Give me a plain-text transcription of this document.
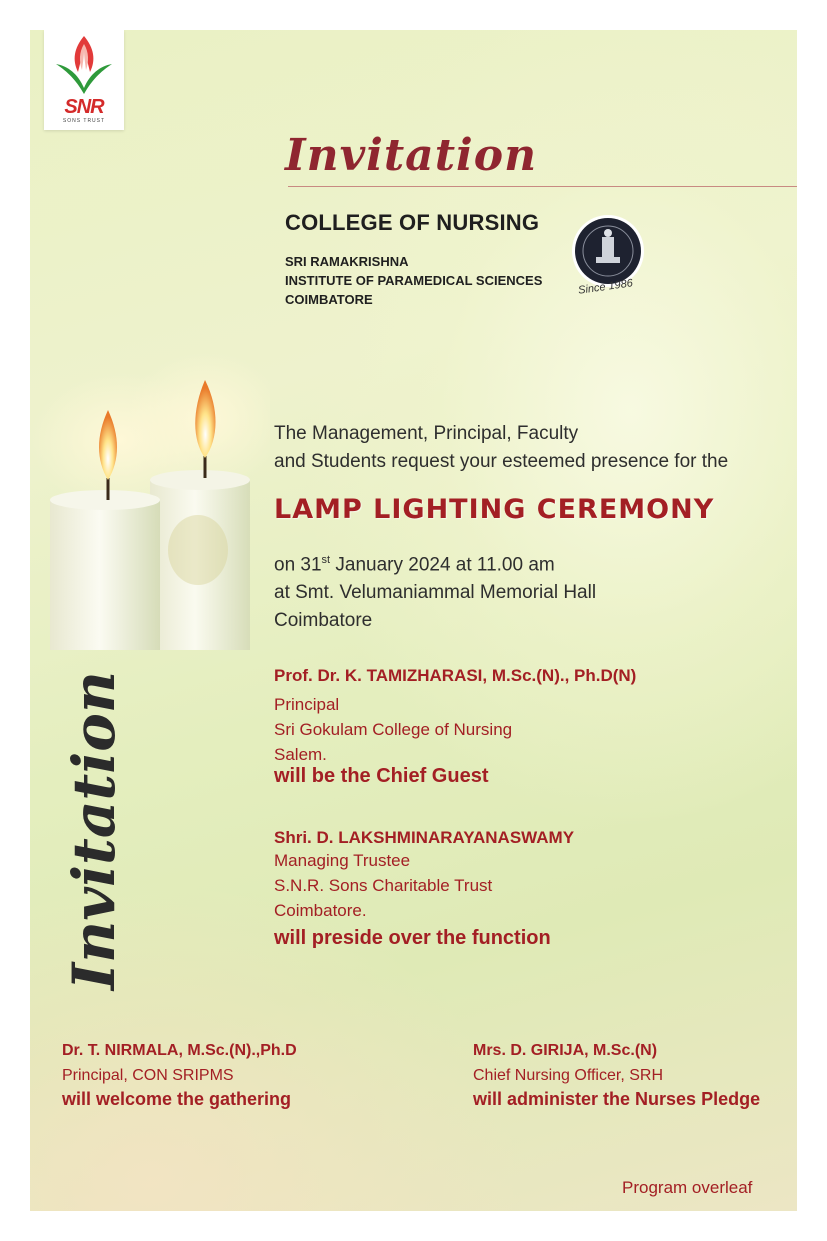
SNR
SONS TRUST
Invitation
COLLEGE OF NURSING
SRI RAMAKRISHNA
INSTITUTE OF PARAMEDICAL SCIENCES
COIMBATORE
Since 1986
The Management, Principal, Faculty
and Students request your esteemed presence for the
LAMP LIGHTING CEREMONY
on 31st January 2024 at 11.00 am
at Smt. Velumaniammal Memorial Hall
Coimbatore
Prof. Dr. K. TAMIZHARASI, M.Sc.(N)., Ph.D(N)
Principal
Sri Gokulam College of Nursing
Salem.
will be the Chief Guest
Shri. D. LAKSHMINARAYANASWAMY
Managing Trustee
S.N.R. Sons Charitable Trust
Coimbatore.
will preside over the function
Invitation
Dr. T. NIRMALA, M.Sc.(N).,Ph.D
Principal, CON SRIPMS
will welcome the gathering
Mrs. D. GIRIJA, M.Sc.(N)
Chief Nursing Officer, SRH
will administer the Nurses Pledge
Program overleaf
